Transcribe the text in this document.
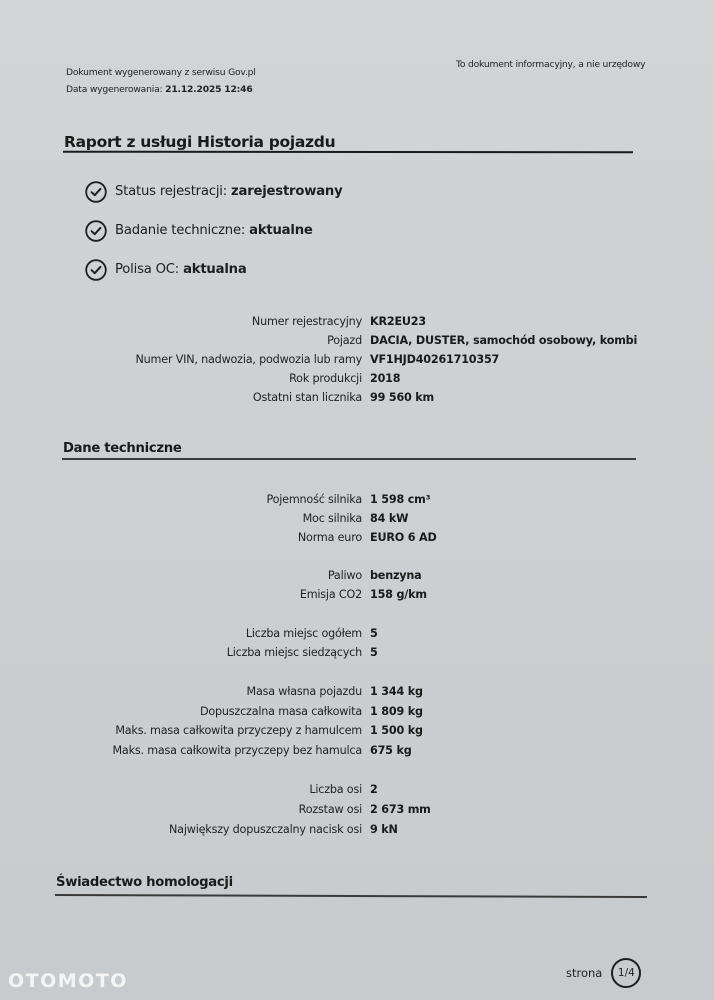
Dokument wygenerowany z serwisu Gov.pl
Data wygenerowania: 21.12.2025 12:46
To dokument informacyjny, a nie urzędowy
Raport z usługi Historia pojazdu
Status rejestracji:
zarejestrowany
Badanie techniczne:
aktualne
Polisa OC:
aktualna
Numer rejestracyjny KR2EU23
Pojazd DACIA, DUSTER, samochód osobowy, kombi
Numer VIN, nadwozia, podwozia lub ramy VF1HJD40261710357
Rok produkcji 2018
Ostatni stan licznika 99 560 km
Dane techniczne
Pojemność silnika 1 598 cm³
Moc silnika 84 kW
Norma euro EURO 6 AD
Paliwo benzyna
Emisja CO2 158 g/km
Liczba miejsc ogółem 5
Liczba miejsc siedzących 5
Masa własna pojazdu 1 344 kg
Dopuszczalna masa całkowita 1 809 kg
Maks. masa całkowita przyczepy z hamulcem 1 500 kg
Maks. masa całkowita przyczepy bez hamulca 675 kg
Liczba osi 2
Rozstaw osi 2 673 mm
Największy dopuszczalny nacisk osi 9 kN
Świadectwo homologacji
OTOMOTO	strona	1/4
